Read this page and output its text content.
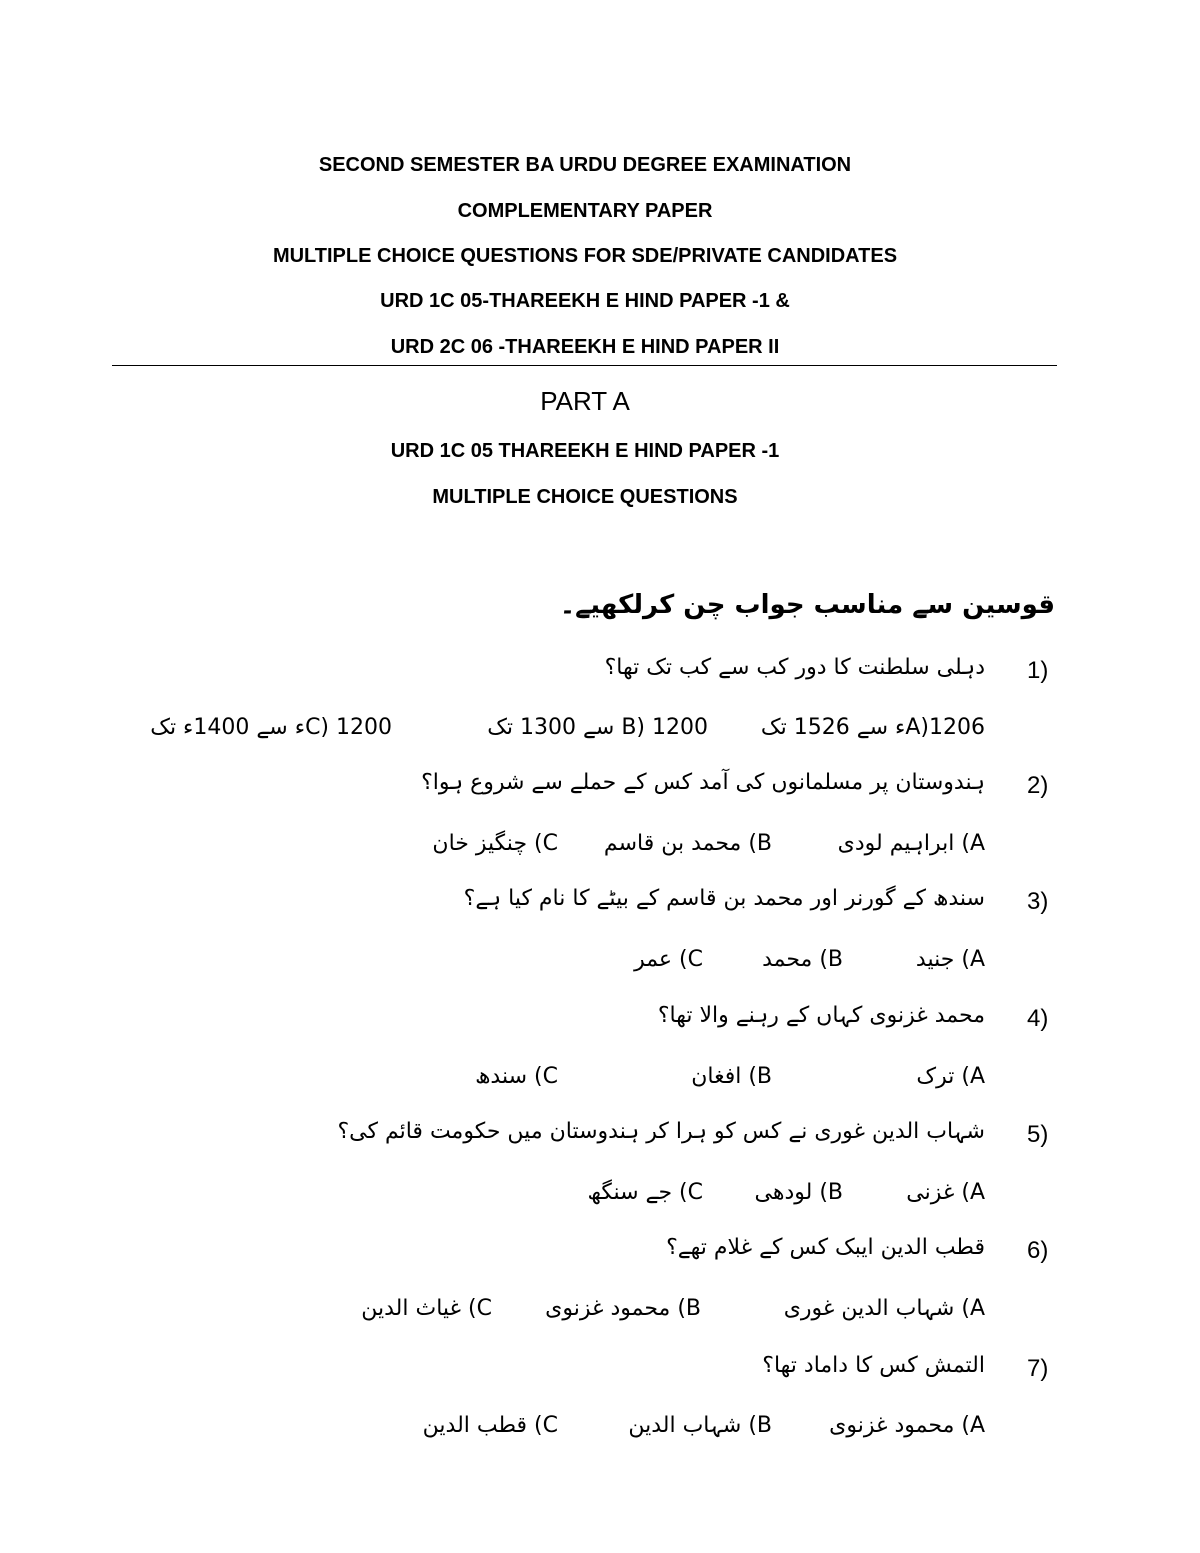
SECOND SEMESTER BA URDU DEGREE EXAMINATION
COMPLEMENTARY PAPER
MULTIPLE CHOICE QUESTIONS FOR SDE/PRIVATE CANDIDATES
URD 1C 05-THAREEKH E HIND PAPER -1 &
URD 2C 06 -THAREEKH E HIND PAPER II
PART A
URD 1C 05 THAREEKH E HIND PAPER -1
MULTIPLE CHOICE QUESTIONS
قوسین سے مناسب جواب چن کرلکھیے۔
1)
دہلی سلطنت کا دور کب سے کب تک تھا؟
A)1206ء سے 1526 تک
B) 1200 سے 1300 تک
C) 1200ء سے 1400ء تک
2)
ہندوستان پر مسلمانوں کی آمد کس کے حملے سے شروع ہوا؟
A) ابراہیم لودی
B) محمد بن قاسم
C) چنگیز خان
3)
سندھ کے گورنر اور محمد بن قاسم کے بیٹے کا نام کیا ہے؟
A) جنید
B) محمد
C) عمر
4)
محمد غزنوی کہاں کے رہنے والا تھا؟
A) ترک
B) افغان
C) سندھ
5)
شہاب الدین غوری نے کس کو ہرا کر ہندوستان میں حکومت قائم کی؟
A) غزنی
B) لودھی
C) جے سنگھ
6)
قطب الدین ایبک کس کے غلام تھے؟
A) شہاب الدین غوری
B) محمود غزنوی
C) غیاث الدین
7)
التمش کس کا داماد تھا؟
A) محمود غزنوی
B) شہاب الدین
C) قطب الدین
